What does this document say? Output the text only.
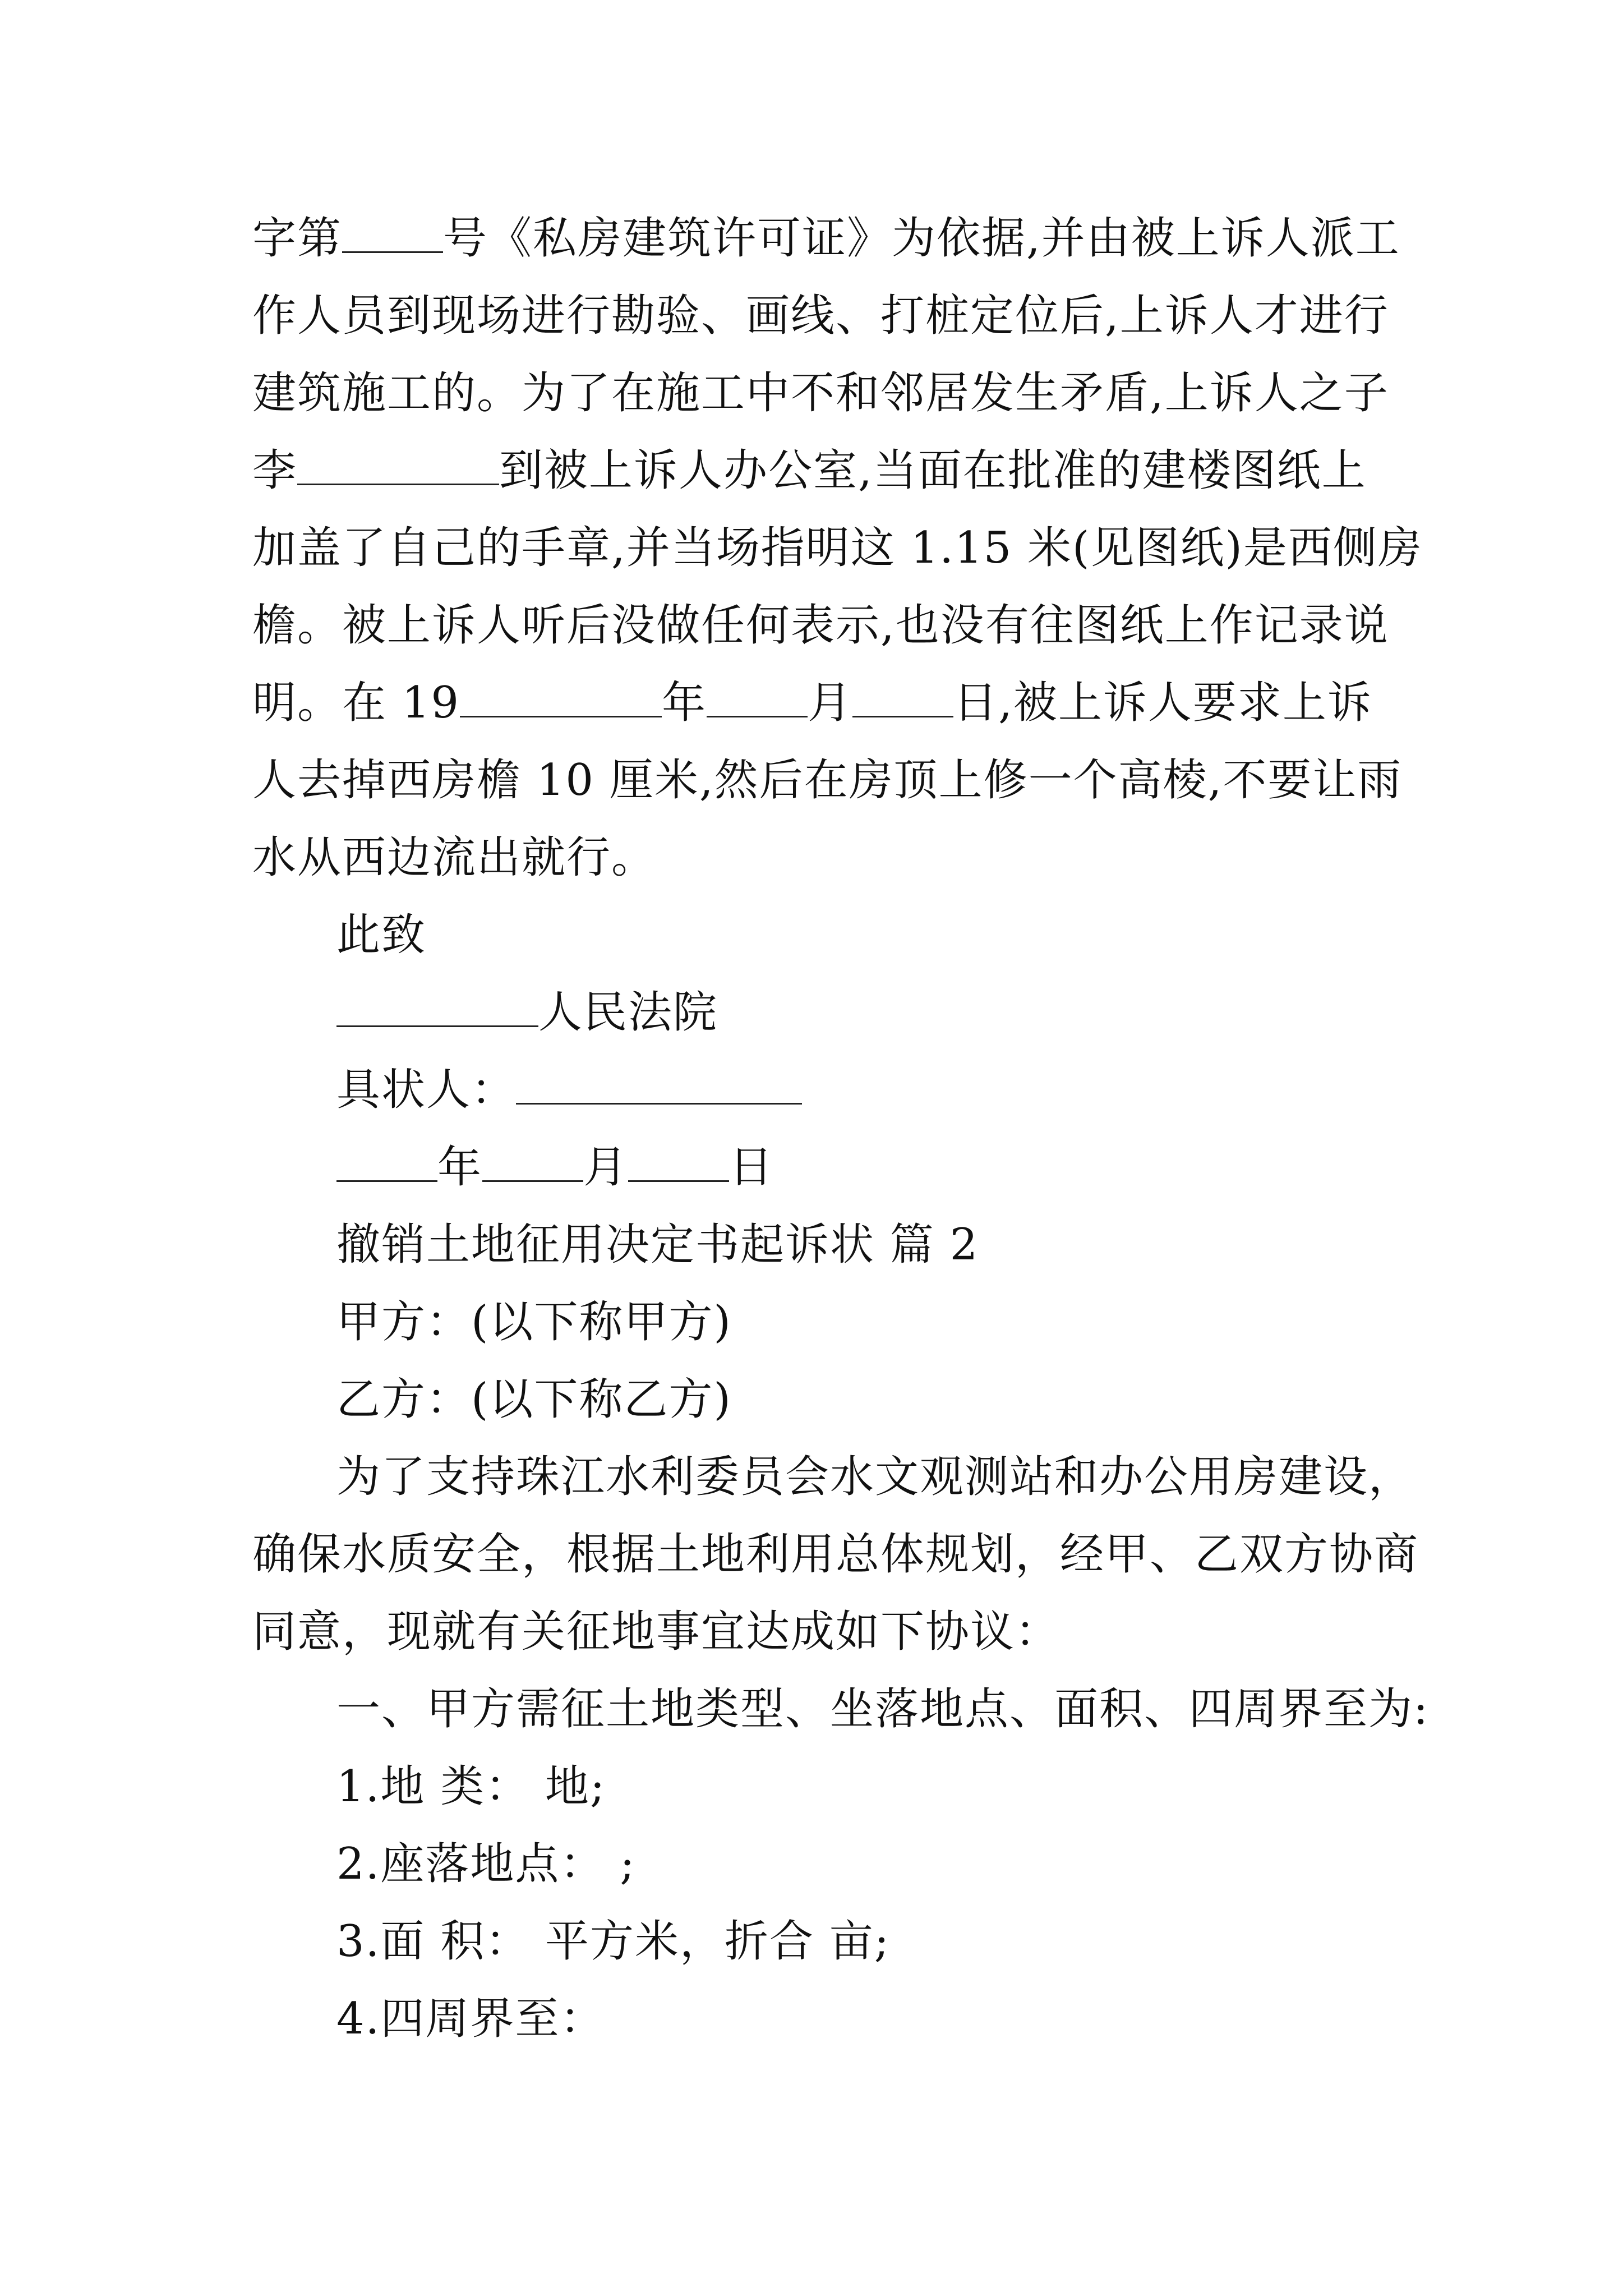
字第 号《私房建筑许可证》为依据,并由被上诉人派工
作人员到现场进行勘验、画线、打桩定位后,上诉人才进行
建筑施工的。为了在施工中不和邻居发生矛盾,上诉人之子
李	到被上诉人办公室,当面在批准的建楼图纸上
加盖了自己的手章,并当场指明这 1.15 米(见图纸)是西侧房
檐。被上诉人听后没做任何表示,也没有往图纸上作记录说
明。在 19	年 月 日,被上诉人要求上诉
人去掉西房檐 10 厘米,然后在房顶上修一个高棱,不要让雨
水从西边流出就行。
此致
人民法院
具状人：
年 月 日
撤销土地征用决定书起诉状 篇 2
甲方：(以下称甲方)
乙方：(以下称乙方)
为了支持珠江水利委员会水文观测站和办公用房建设，
确保水质安全，根据土地利用总体规划，经甲、乙双方协商
同意，现就有关征地事宜达成如下协议：
一、甲方需征土地类型、坐落地点、面积、四周界至为:
1.地 类： 地;
2.座落地点： ;
3.面 积： 平方米，折合 亩;
4.四周界至：
